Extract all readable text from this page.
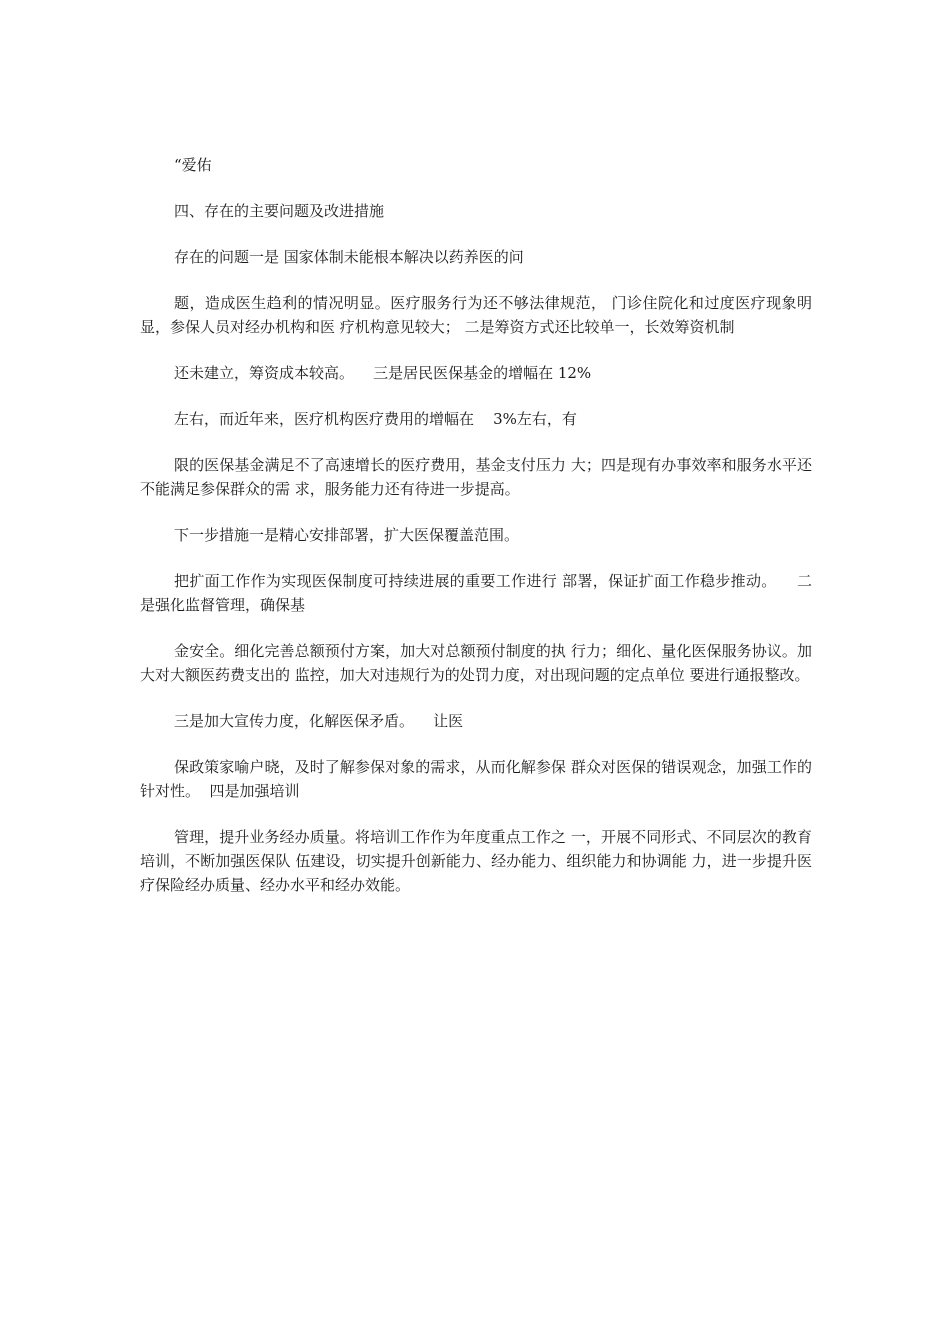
“爱佑

四、存在的主要问题及改进措施

存在的问题一是 国家体制未能根本解决以药养医的问

题，造成医生趋利的情况明显。医疗服务行为还不够法律规范， 门诊住院化和过度医疗现象明显，参保人员对经办机构和医 疗机构意见较大； 二是筹资方式还比较单一，长效筹资机制

还未建立，筹资成本较高。    三是居民医保基金的增幅在 12%

左右，而近年来，医疗机构医疗费用的增幅在    3%左右，有

限的医保基金满足不了高速增长的医疗费用，基金支付压力 大；四是现有办事效率和服务水平还不能满足参保群众的需 求，服务能力还有待进一步提高。

下一步措施一是精心安排部署，扩大医保覆盖范围。

把扩面工作作为实现医保制度可持续进展的重要工作进行 部署，保证扩面工作稳步推动。    二是强化监督管理，确保基

金安全。细化完善总额预付方案，加大对总额预付制度的执 行力；细化、量化医保服务协议。加大对大额医药费支出的 监控，加大对违规行为的处罚力度，对出现问题的定点单位 要进行通报整改。

三是加大宣传力度，化解医保矛盾。    让医

保政策家喻户晓，及时了解参保对象的需求，从而化解参保 群众对医保的错误观念，加强工作的针对性。  四是加强培训

管理，提升业务经办质量。将培训工作作为年度重点工作之 一，开展不同形式、不同层次的教育培训，不断加强医保队 伍建设，切实提升创新能力、经办能力、组织能力和协调能 力，进一步提升医疗保险经办质量、经办水平和经办效能。
